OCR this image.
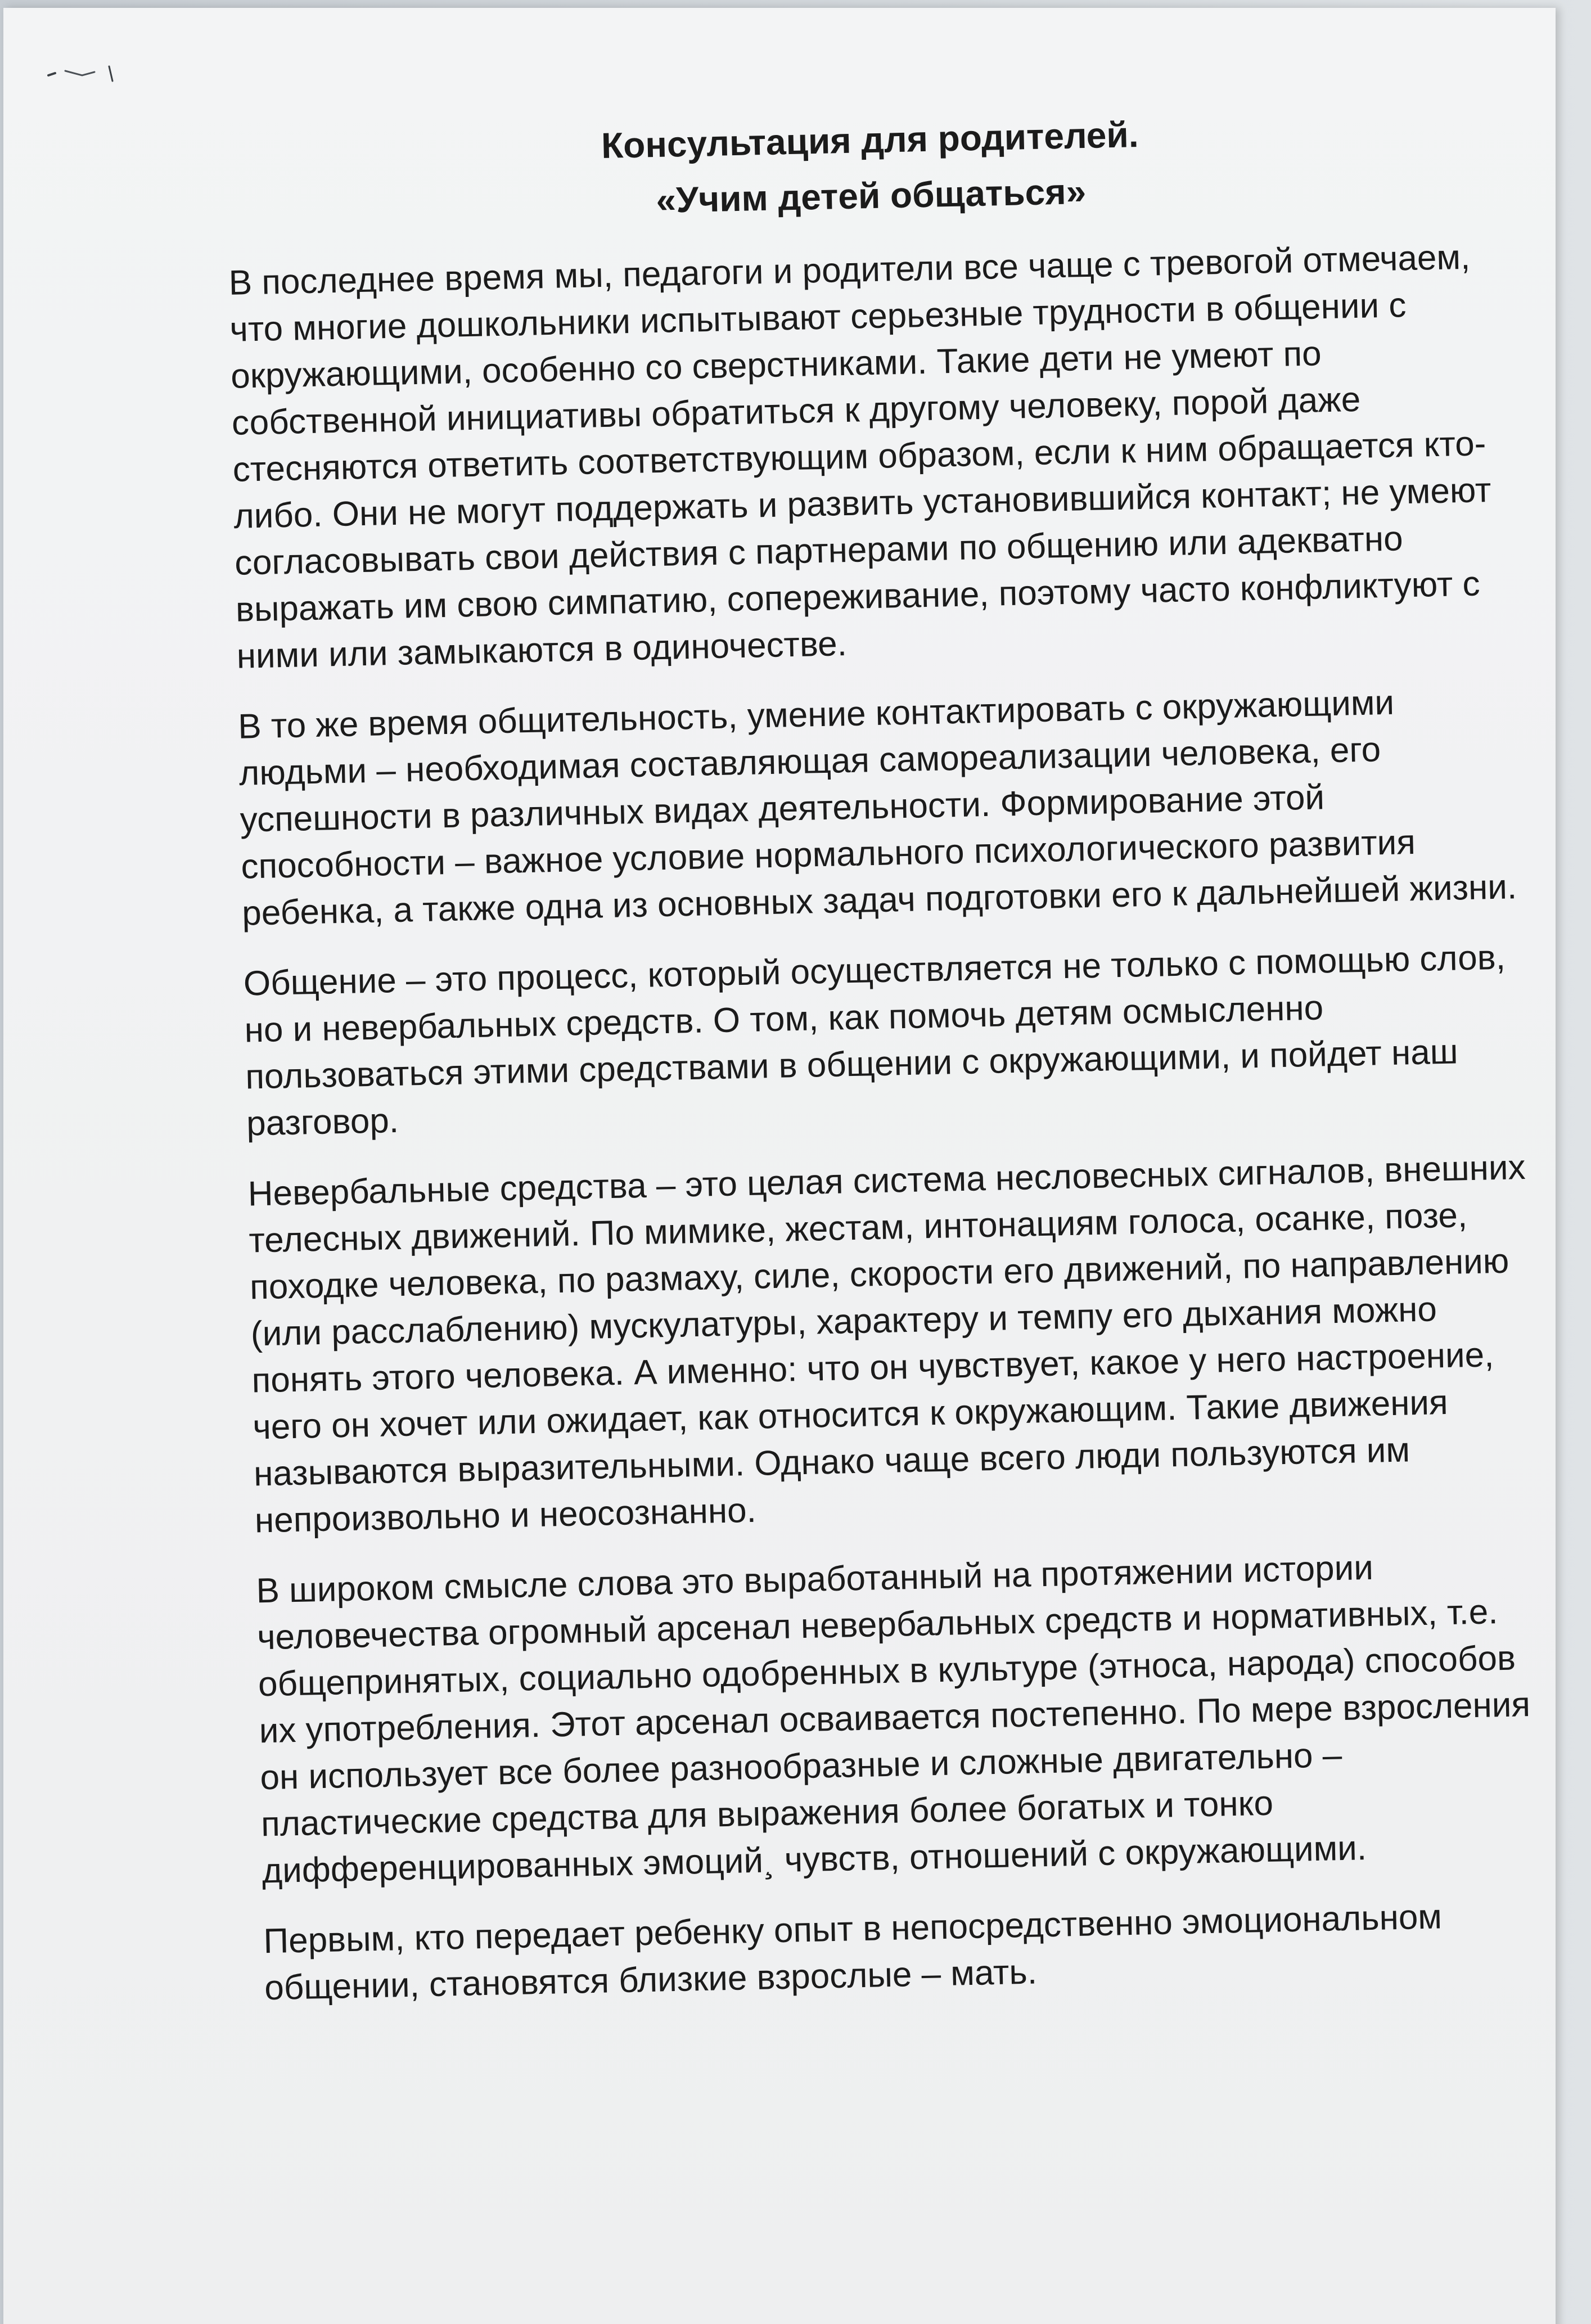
Консультация для родителей.
«Учим детей общаться»

В последнее время мы, педагоги и родители все чаще с тревогой отмечаем, что многие дошкольники испытывают серьезные трудности в общении с окружающими, особенно со сверстниками. Такие дети не умеют по собственной инициативы обратиться к другому человеку, порой даже стесняются ответить соответствующим образом, если к ним обращается кто-либо. Они не могут поддержать и развить установившийся контакт; не умеют согласовывать свои действия с партнерами по общению или адекватно выражать им свою симпатию, сопереживание, поэтому часто конфликтуют с ними или замыкаются в одиночестве.

В то же время общительность, умение контактировать с окружающими людьми – необходимая составляющая самореализации человека, его успешности в различных видах деятельности. Формирование этой способности – важное условие нормального психологического развития ребенка, а также одна из основных задач подготовки его к дальнейшей жизни.

Общение – это процесс, который осуществляется не только с помощью слов, но и невербальных средств. О том, как помочь детям осмысленно пользоваться этими средствами в общении с окружающими, и пойдет наш разговор.

Невербальные средства – это целая система несловесных сигналов, внешних телесных движений. По мимике, жестам, интонациям голоса, осанке, позе, походке человека, по размаху, силе, скорости его движений, по направлению (или расслаблению) мускулатуры, характеру и темпу его дыхания можно понять этого человека. А именно: что он чувствует, какое у него настроение, чего он хочет или ожидает, как относится к окружающим. Такие движения называются выразительными. Однако чаще всего люди пользуются им непроизвольно и неосознанно.

В широком смысле слова это выработанный на протяжении истории человечества огромный арсенал невербальных средств и нормативных, т.е. общепринятых, социально одобренных в культуре (этноса, народа) способов их употребления. Этот арсенал осваивается постепенно. По мере взросления он использует все более разнообразные и сложные двигательно – пластические средства для выражения более богатых и тонко дифференцированных эмоций¸ чувств, отношений с окружающими.

Первым, кто передает ребенку опыт в непосредственно эмоциональном общении, становятся близкие взрослые – мать.
